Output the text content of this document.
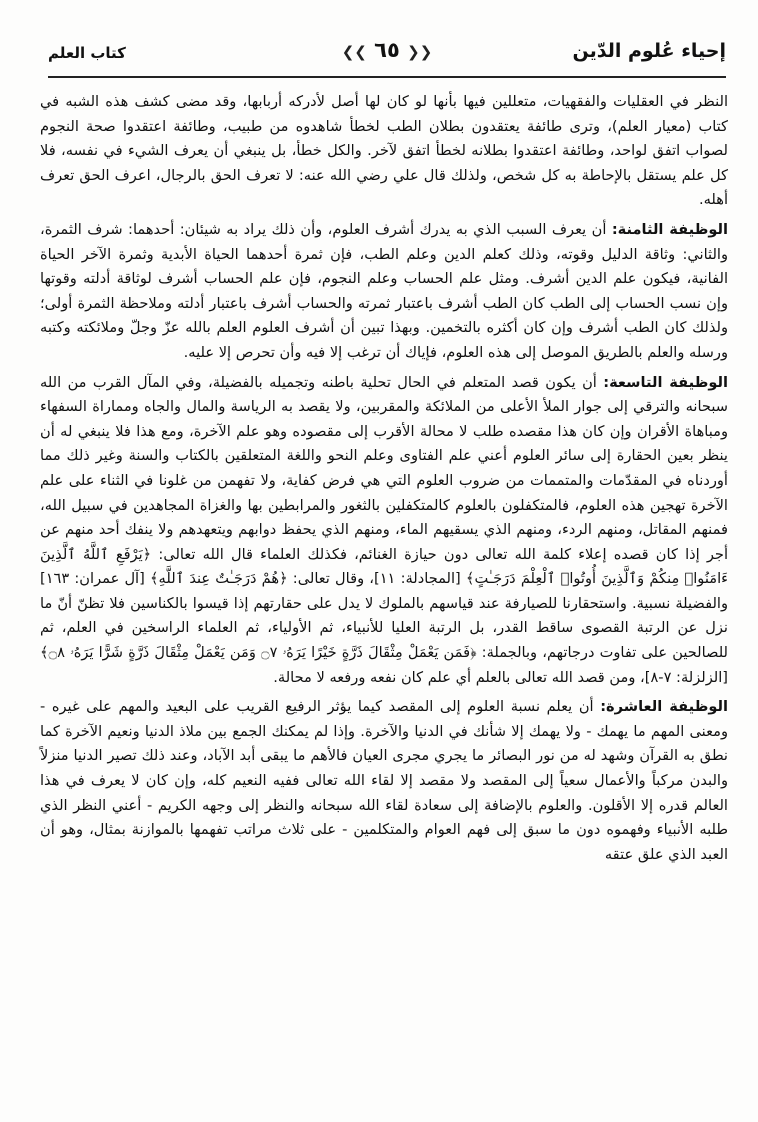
إحياء عُلوم الدّين
❮❮ ٦٥ ❯❯
كتاب العلم

النظر في العقليات والفقهيات، متعللين فيها بأنها لو كان لها أصل لأدركه أربابها، وقد مضى كشف هذه الشبه في كتاب (معيار العلم)، وترى طائفة يعتقدون بطلان الطب لخطأ شاهدوه من طبيب، وطائفة اعتقدوا صحة النجوم لصواب اتفق لواحد، وطائفة اعتقدوا بطلانه لخطأ اتفق لآخر. والكل خطأ، بل ينبغي أن يعرف الشيء في نفسه، فلا كل علم يستقل بالإحاطة به كل شخص، ولذلك قال علي رضي الله عنه: لا تعرف الحق بالرجال، اعرف الحق تعرف أهله.

الوظيفة الثامنة: أن يعرف السبب الذي به يدرك أشرف العلوم، وأن ذلك يراد به شيئان: أحدهما: شرف الثمرة، والثاني: وثاقة الدليل وقوته، وذلك كعلم الدين وعلم الطب، فإن ثمرة أحدهما الحياة الأبدية وثمرة الآخر الحياة الفانية، فيكون علم الدين أشرف. ومثل علم الحساب وعلم النجوم، فإن علم الحساب أشرف لوثاقة أدلته وقوتها وإن نسب الحساب إلى الطب كان الطب أشرف باعتبار ثمرته والحساب أشرف باعتبار أدلته وملاحظة الثمرة أولى؛ ولذلك كان الطب أشرف وإن كان أكثره بالتخمين. وبهذا تبين أن أشرف العلوم العلم بالله عزّ وجلّ وملائكته وكتبه ورسله والعلم بالطريق الموصل إلى هذه العلوم، فإياك أن ترغب إلا فيه وأن تحرص إلا عليه.

الوظيفة التاسعة: أن يكون قصد المتعلم في الحال تحلية باطنه وتجميله بالفضيلة، وفي المآل القرب من الله سبحانه والترقي إلى جوار الملأ الأعلى من الملائكة والمقربين، ولا يقصد به الرياسة والمال والجاه ومماراة السفهاء ومباهاة الأقران وإن كان هذا مقصده طلب لا محالة الأقرب إلى مقصوده وهو علم الآخرة، ومع هذا فلا ينبغي له أن ينظر بعين الحقارة إلى سائر العلوم أعني علم الفتاوى وعلم النحو واللغة المتعلقين بالكتاب والسنة وغير ذلك مما أوردناه في المقدّمات والمتممات من ضروب العلوم التي هي فرض كفاية، ولا تفهمن من غلونا في الثناء على علم الآخرة تهجين هذه العلوم، فالمتكفلون بالعلوم كالمتكفلين بالثغور والمرابطين بها والغزاة المجاهدين في سبيل الله، فمنهم المقاتل، ومنهم الردء، ومنهم الذي يسقيهم الماء، ومنهم الذي يحفظ دوابهم ويتعهدهم ولا ينفك أحد منهم عن أجر إذا كان قصده إعلاء كلمة الله تعالى دون حيازة الغنائم، فكذلك العلماء قال الله تعالى: ﴿يَرْفَعِ ٱللَّهُ ٱلَّذِينَ ءَامَنُوا۟ مِنكُمْ وَٱلَّذِينَ أُوتُوا۟ ٱلْعِلْمَ دَرَجَـٰتٍ﴾ [المجادلة: ١١]، وقال تعالى: ﴿هُمْ دَرَجَـٰتٌ عِندَ ٱللَّهِ﴾ [آل عمران: ١٦٣] والفضيلة نسبية. واستحقارنا للصيارفة عند قياسهم بالملوك لا يدل على حقارتهم إذا قيسوا بالكناسين فلا تظنّ أنّ ما نزل عن الرتبة القصوى ساقط القدر، بل الرتبة العليا للأنبياء، ثم الأولياء، ثم العلماء الراسخين في العلم، ثم للصالحين على تفاوت درجاتهم، وبالجملة: ﴿فَمَن يَعْمَلْ مِثْقَالَ ذَرَّةٍ خَيْرًا يَرَهُۥ ۝٧ وَمَن يَعْمَلْ مِثْقَالَ ذَرَّةٍ شَرًّا يَرَهُۥ ۝٨﴾ [الزلزلة: ٧-٨]، ومن قصد الله تعالى بالعلم أي علم كان نفعه ورفعه لا محالة.

الوظيفة العاشرة: أن يعلم نسبة العلوم إلى المقصد كيما يؤثر الرفيع القريب على البعيد والمهم على غيره - ومعنى المهم ما يهمك - ولا يهمك إلا شأنك في الدنيا والآخرة. وإذا لم يمكنك الجمع بين ملاذ الدنيا ونعيم الآخرة كما نطق به القرآن وشهد له من نور البصائر ما يجري مجرى العيان فالأهم ما يبقى أبد الآباد، وعند ذلك تصير الدنيا منزلاً والبدن مركباً والأعمال سعياً إلى المقصد ولا مقصد إلا لقاء الله تعالى ففيه النعيم كله، وإن كان لا يعرف في هذا العالم قدره إلا الأقلون. والعلوم بالإضافة إلى سعادة لقاء الله سبحانه والنظر إلى وجهه الكريم - أعني النظر الذي طلبه الأنبياء وفهموه دون ما سبق إلى فهم العوام والمتكلمين - على ثلاث مراتب تفهمها بالموازنة بمثال، وهو أن العبد الذي علق عتقه
